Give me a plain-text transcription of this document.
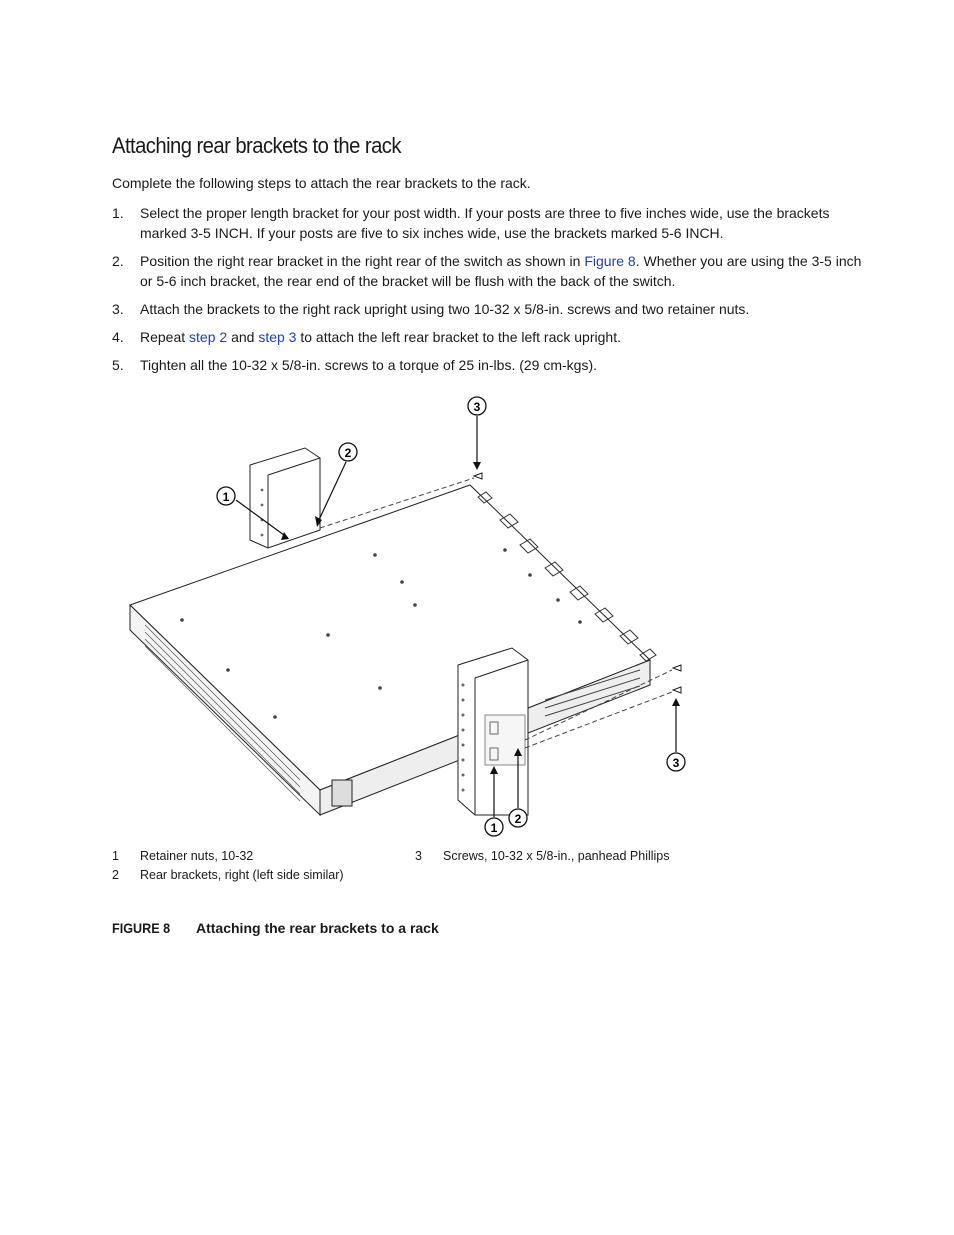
Attaching rear brackets to the rack

Complete the following steps to attach the rear brackets to the rack.

1. Select the proper length bracket for your post width. If your posts are three to five inches wide, use the brackets marked 3-5 INCH. If your posts are five to six inches wide, use the brackets marked 5-6 INCH.
2. Position the right rear bracket in the right rear of the switch as shown in Figure 8. Whether you are using the 3-5 inch or 5-6 inch bracket, the rear end of the bracket will be flush with the back of the switch.
3. Attach the brackets to the right rack upright using two 10-32 x 5/8-in. screws and two retainer nuts.
4. Repeat step 2 and step 3 to attach the left rear bracket to the left rack upright.
5. Tighten all the 10-32 x 5/8-in. screws to a torque of 25 in-lbs. (29 cm-kgs).
3
2
1
3
1
2
1 Retainer nuts, 10-32
2 Rear brackets, right (left side similar)
3 Screws, 10-32 x 5/8-in., panhead Phillips
FIGURE 8 Attaching the rear brackets to a rack
